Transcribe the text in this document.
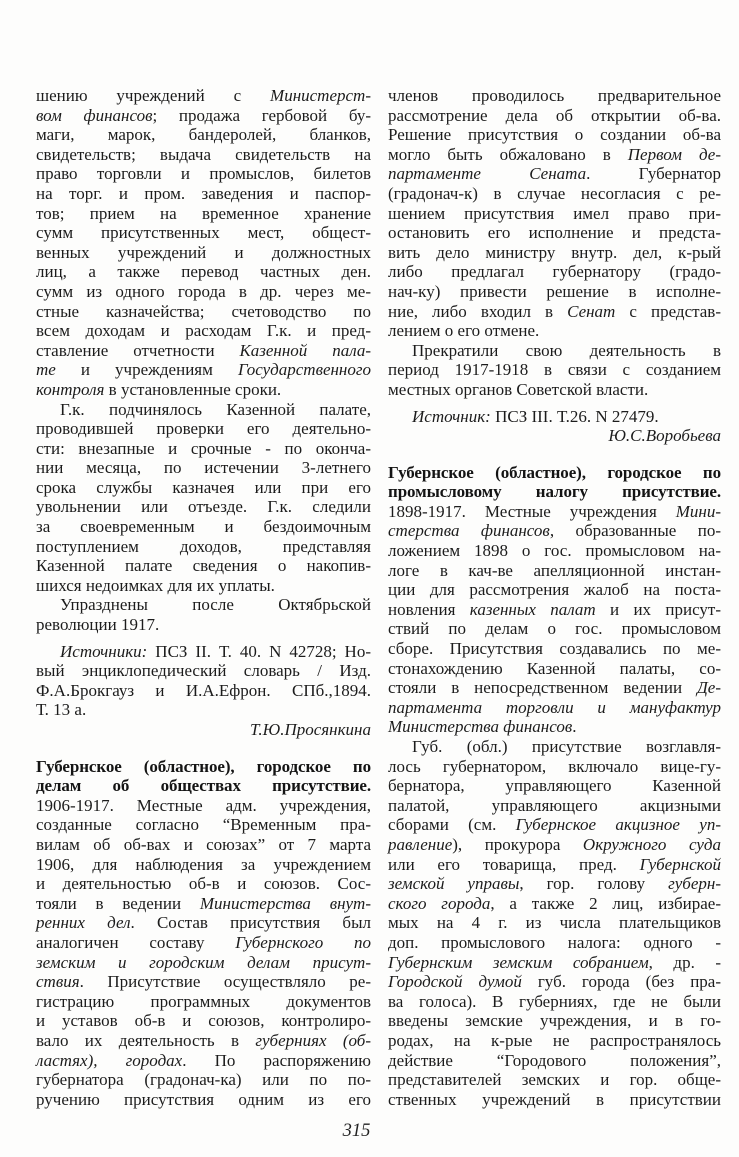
шению учреждений с Министерст-
вом финансов; продажа гербовой бу-
маги, марок, бандеролей, бланков,
свидетельств; выдача свидетельств на
право торговли и промыслов, билетов
на торг. и пром. заведения и паспор-
тов; прием на временное хранение
сумм присутственных мест, общест-
венных учреждений и должностных
лиц, а также перевод частных ден.
сумм из одного города в др. через ме-
стные казначейства; счетоводство по
всем доходам и расходам Г.к. и пред-
ставление отчетности Казенной пала-
те и учреждениям Государственного
контроля в установленные сроки.
Г.к. подчинялось Казенной палате,
проводившей проверки его деятельно-
сти: внезапные и срочные - по оконча-
нии месяца, по истечении 3-летнего
срока службы казначея или при его
увольнении или отъезде. Г.к. следили
за своевременным и бездоимочным
поступлением доходов, представляя
Казенной палате сведения о накопив-
шихся недоимках для их уплаты.
Упразднены после Октябрьской
революции 1917.
Источники: ПСЗ II. Т. 40. N 42728; Но-
вый энциклопедический словарь / Изд.
Ф.А.Брокгауз и И.А.Ефрон. СПб.,1894.
Т. 13 а.
Т.Ю.Просянкина
Губернское (областное), городское по
делам об обществах присутствие.
1906-1917. Местные адм. учреждения,
созданные согласно “Временным пра-
вилам об об-вах и союзах” от 7 марта
1906, для наблюдения за учреждением
и деятельностью об-в и союзов. Сос-
тояли в ведении Министерства внут-
ренних дел. Состав присутствия был
аналогичен составу Губернского по
земским и городским делам присут-
ствия. Присутствие осуществляло ре-
гистрацию программных документов
и уставов об-в и союзов, контролиро-
вало их деятельность в губерниях (об-
ластях), городах. По распоряжению
губернатора (градонач-ка) или по по-
ручению присутствия одним из его
членов проводилось предварительное
рассмотрение дела об открытии об-ва.
Решение присутствия о создании об-ва
могло быть обжаловано в Первом де-
партаменте Сената. Губернатор
(градонач-к) в случае несогласия с ре-
шением присутствия имел право при-
остановить его исполнение и предста-
вить дело министру внутр. дел, к-рый
либо предлагал губернатору (градо-
нач-ку) привести решение в исполне-
ние, либо входил в Сенат с представ-
лением о его отмене.
Прекратили свою деятельность в
период 1917-1918 в связи с созданием
местных органов Советской власти.
Источник: ПСЗ III. Т.26. N 27479.
Ю.С.Воробьева
Губернское (областное), городское по
промысловому налогу присутствие.
1898-1917. Местные учреждения Мини-
стерства финансов, образованные по-
ложением 1898 о гос. промысловом на-
логе в кач-ве апелляционной инстан-
ции для рассмотрения жалоб на поста-
новления казенных палат и их присут-
ствий по делам о гос. промысловом
сборе. Присутствия создавались по ме-
стонахождению Казенной палаты, со-
стояли в непосредственном ведении Де-
партамента торговли и мануфактур
Министерства финансов.
Губ. (обл.) присутствие возглавля-
лось губернатором, включало вице-гу-
бернатора, управляющего Казенной
палатой, управляющего акцизными
сборами (см. Губернское акцизное уп-
равление), прокурора Окружного суда
или его товарища, пред. Губернской
земской управы, гор. голову губерн-
ского города, а также 2 лиц, избирае-
мых на 4 г. из числа плательщиков
доп. промыслового налога: одного -
Губернским земским собранием, др. -
Городской думой губ. города (без пра-
ва голоса). В губерниях, где не были
введены земские учреждения, и в го-
родах, на к-рые не распространялось
действие “Городового положения”,
представителей земских и гор. обще-
ственных учреждений в присутствии
315
